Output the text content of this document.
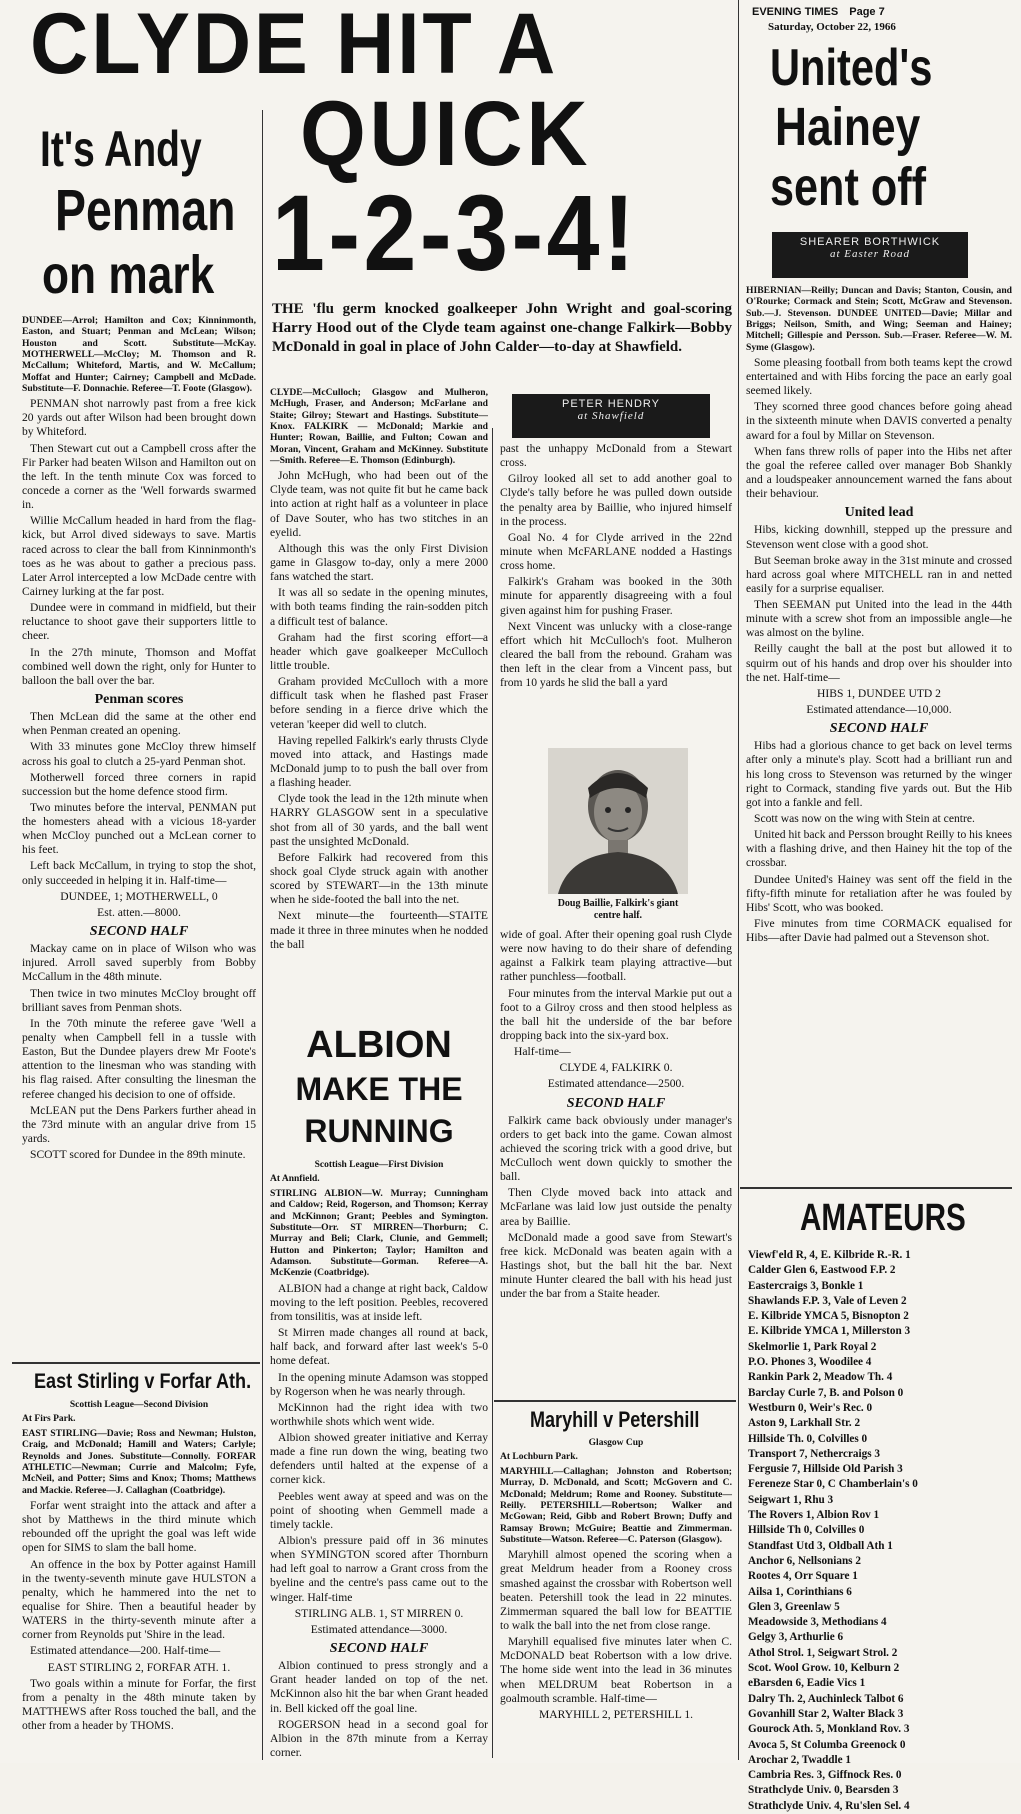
CLYDE HIT A
QUICK
1-2-3-4!
EVENING TIMES Page 7
Saturday, October 22, 1966
United's
Hainey
sent off
SHEARER BORTHWICK
at Easter Road
It's Andy
Penman
on mark
DUNDEE—Arrol; Hamilton and Cox; Kinninmonth, Easton, and Stuart; Penman and McLean; Wilson; Houston and Scott. Substitute—McKay. MOTHERWELL—McCloy; M. Thomson and R. McCallum; Whiteford, Martis, and W. McCallum; Moffat and Hunter; Cairney; Campbell and McDade. Substitute—F. Donnachie. Referee—T. Foote (Glasgow).

PENMAN shot narrowly past from a free kick 20 yards out after Wilson had been brought down by Whiteford.

Then Stewart cut out a Campbell cross after the Fir Parker had beaten Wilson and Hamilton out on the left. In the tenth minute Cox was forced to concede a corner as the 'Well forwards swarmed in.

Willie McCallum headed in hard from the flag-kick, but Arrol dived sideways to save. Martis raced across to clear the ball from Kinninmonth's toes as he was about to gather a precious pass. Later Arrol intercepted a low McDade centre with Cairney lurking at the far post.

Dundee were in command in midfield, but their reluctance to shoot gave their supporters little to cheer.

In the 27th minute, Thomson and Moffat combined well down the right, only for Hunter to balloon the ball over the bar.

Penman scores

Then McLean did the same at the other end when Penman created an opening.

With 33 minutes gone McCloy threw himself across his goal to clutch a 25-yard Penman shot.

Motherwell forced three corners in rapid succession but the home defence stood firm.

Two minutes before the interval, PENMAN put the homesters ahead with a vicious 18-yarder when McCloy punched out a McLean corner to his feet.

Left back McCallum, in trying to stop the shot, only succeeded in helping it in. Half-time—

DUNDEE, 1; MOTHERWELL, 0
Est. atten.—8000.
SECOND HALF

Mackay came on in place of Wilson who was injured. Arroll saved superbly from Bobby McCallum in the 48th minute.

Then twice in two minutes McCloy brought off brilliant saves from Penman shots.

In the 70th minute the referee gave 'Well a penalty when Campbell fell in a tussle with Easton, But the Dundee players drew Mr Foote's attention to the linesman who was standing with his flag raised. After consulting the linesman the referee changed his decision to one of offside.

McLEAN put the Dens Parkers further ahead in the 73rd minute with an angular drive from 15 yards.

SCOTT scored for Dundee in the 89th minute.

East Stirling v Forfar Ath.
Scottish League—Second Division
At Firs Park.
EAST STIRLING—Davie; Ross and Newman; Hulston, Craig, and McDonald; Hamill and Waters; Carlyle; Reynolds and Jones. Substitute—Connolly. FORFAR ATHLETIC—Newman; Currie and Malcolm; Fyfe, McNeil, and Potter; Sims and Knox; Thoms; Matthews and Mackie. Referee—J. Callaghan (Coatbridge).

Forfar went straight into the attack and after a shot by Matthews in the third minute which rebounded off the upright the goal was left wide open for SIMS to slam the ball home.

An offence in the box by Potter against Hamill in the twenty-seventh minute gave HULSTON a penalty, which he hammered into the net to equalise for Shire. Then a beautiful header by WATERS in the thirty-seventh minute after a corner from Reynolds put 'Shire in the lead.

Estimated attendance—200. Half-time—

EAST STIRLING 2, FORFAR ATH. 1.

Two goals within a minute for Forfar, the first from a penalty in the 48th minute taken by MATTHEWS after Ross touched the ball, and the other from a header by THOMS.

THE 'flu germ knocked goalkeeper John Wright and goal-scoring Harry Hood out of the Clyde team against one-change Falkirk—Bobby McDonald in goal in place of John Calder—to-day at Shawfield.
PETER HENDRY
at Shawfield
CLYDE—McCulloch; Glasgow and Mulheron, McHugh, Fraser, and Anderson; McFarlane and Staite; Gilroy; Stewart and Hastings. Substitute—Knox. FALKIRK — McDonald; Markie and Hunter; Rowan, Baillie, and Fulton; Cowan and Moran, Vincent, Graham and McKinney. Substitute—Smith. Referee—E. Thomson (Edinburgh).

John McHugh, who had been out of the Clyde team, was not quite fit but he came back into action at right half as a volunteer in place of Dave Souter, who has two stitches in an eyelid.

Although this was the only First Division game in Glasgow to-day, only a mere 2000 fans watched the start.

It was all so sedate in the opening minutes, with both teams finding the rain-sodden pitch a difficult test of balance.

Graham had the first scoring effort—a header which gave goalkeeper McCulloch little trouble.

Graham provided McCulloch with a more difficult task when he flashed past Fraser before sending in a fierce drive which the veteran 'keeper did well to clutch.

Having repelled Falkirk's early thrusts Clyde moved into attack, and Hastings made McDonald jump to to push the ball over from a flashing header.

Clyde took the lead in the 12th minute when HARRY GLASGOW sent in a speculative shot from all of 30 yards, and the ball went past the unsighted McDonald.

Before Falkirk had recovered from this shock goal Clyde struck again with another scored by STEWART—in the 13th minute when he side-footed the ball into the net.

Next minute—the fourteenth—STAITE made it three in three minutes when he nodded the ball

past the unhappy McDonald from a Stewart cross.

Gilroy looked all set to add another goal to Clyde's tally before he was pulled down outside the penalty area by Baillie, who injured himself in the process.

Goal No. 4 for Clyde arrived in the 22nd minute when McFARLANE nodded a Hastings cross home.

Falkirk's Graham was booked in the 30th minute for apparently disagreeing with a foul given against him for pushing Fraser.

Next Vincent was unlucky with a close-range effort which hit McCulloch's foot. Mulheron cleared the ball from the rebound. Graham was then left in the clear from a Vincent pass, but from 10 yards he slid the ball a yard

Doug Baillie, Falkirk's giant centre half.

wide of goal. After their opening goal rush Clyde were now having to do their share of defending against a Falkirk team playing attractive—but rather punchless—football.

Four minutes from the interval Markie put out a foot to a Gilroy cross and then stood helpless as the ball hit the underside of the bar before dropping back into the six-yard box.

Half-time—
CLYDE 4, FALKIRK 0.
Estimated attendance—2500.
SECOND HALF

Falkirk came back obviously under manager's orders to get back into the game. Cowan almost achieved the scoring trick with a good drive, but McCulloch went down quickly to smother the ball.

Then Clyde moved back into attack and McFarlane was laid low just outside the penalty area by Baillie.

McDonald made a good save from Stewart's free kick. McDonald was beaten again with a Hastings shot, but the ball hit the bar. Next minute Hunter cleared the ball with his head just under the bar from a Staite header.

ALBION
MAKE THE
RUNNING
Scottish League—First Division
At Annfield.
STIRLING ALBION—W. Murray; Cunningham and Caldow; Reid, Rogerson, and Thomson; Kerray and McKinnon; Grant; Peebles and Symington. Substitute—Orr. ST MIRREN—Thorburn; C. Murray and Beli; Clark, Clunie, and Gemmell; Hutton and Pinkerton; Taylor; Hamilton and Adamson. Substitute—Gorman. Referee—A. McKenzie (Coatbridge).

ALBION had a change at right back, Caldow moving to the left position. Peebles, recovered from tonsilitis, was at inside left.

St Mirren made changes all round at back, half back, and forward after last week's 5-0 home defeat.

In the opening minute Adamson was stopped by Rogerson when he was nearly through.

McKinnon had the right idea with two worthwhile shots which went wide.

Albion showed greater initiative and Kerray made a fine run down the wing, beating two defenders until halted at the expense of a corner kick.

Peebles went away at speed and was on the point of shooting when Gemmell made a timely tackle.

Albion's pressure paid off in 36 minutes when SYMINGTON scored after Thornburn had left goal to narrow a Grant cross from the byeline and the centre's pass came out to the winger. Half-time

STIRLING ALB. 1, ST MIRREN 0.
Estimated attendance—3000.
SECOND HALF

Albion continued to press strongly and a Grant header landed on top of the net. McKinnon also hit the bar when Grant headed in. Bell kicked off the goal line.

ROGERSON head in a second goal for Albion in the 87th minute from a Kerray corner.

Maryhill v Petershill
Glasgow Cup
At Lochburn Park.
MARYHILL—Callaghan; Johnston and Robertson; Murray, D. McDonald, and Scott; McGovern and C. McDonald; Meldrum; Rome and Rooney. Substitute—Reilly. PETERSHILL—Robertson; Walker and McGowan; Reid, Gibb and Robert Brown; Duffy and Ramsay Brown; McGuire; Beattie and Zimmerman. Substitute—Watson. Referee—C. Paterson (Glasgow).

Maryhill almost opened the scoring when a great Meldrum header from a Rooney cross smashed against the crossbar with Robertson well beaten. Petershill took the lead in 22 minutes. Zimmerman squared the ball low for BEATTIE to walk the ball into the net from close range.

Maryhill equalised five minutes later when C. McDONALD beat Robertson with a low drive. The home side went into the lead in 36 minutes when MELDRUM beat Robertson in a goalmouth scramble. Half-time—

MARYHILL 2, PETERSHILL 1.
HIBERNIAN—Reilly; Duncan and Davis; Stanton, Cousin, and O'Rourke; Cormack and Stein; Scott, McGraw and Stevenson. Sub.—J. Stevenson. DUNDEE UNITED—Davie; Millar and Briggs; Neilson, Smith, and Wing; Seeman and Hainey; Mitchell; Gillespie and Persson. Sub.—Fraser. Referee—W. M. Syme (Glasgow).

Some pleasing football from both teams kept the crowd entertained and with Hibs forcing the pace an early goal seemed likely.

They scorned three good chances before going ahead in the sixteenth minute when DAVIS converted a penalty award for a foul by Millar on Stevenson.

When fans threw rolls of paper into the Hibs net after the goal the referee called over manager Bob Shankly and a loudspeaker announcement warned the fans about their behaviour.

United lead

Hibs, kicking downhill, stepped up the pressure and Stevenson went close with a good shot.

But Seeman broke away in the 31st minute and crossed hard across goal where MITCHELL ran in and netted easily for a surprise equaliser.

Then SEEMAN put United into the lead in the 44th minute with a screw shot from an impossible angle—he was almost on the byline.

Reilly caught the ball at the post but allowed it to squirm out of his hands and drop over his shoulder into the net. Half-time—

HIBS 1, DUNDEE UTD 2
Estimated attendance—10,000.
SECOND HALF

Hibs had a glorious chance to get back on level terms after only a minute's play. Scott had a brilliant run and his long cross to Stevenson was returned by the winger right to Cormack, standing five yards out. But the Hib got into a fankle and fell.

Scott was now on the wing with Stein at centre.

United hit back and Persson brought Reilly to his knees with a flashing drive, and then Hainey hit the top of the crossbar.

Dundee United's Hainey was sent off the field in the fifty-fifth minute for retaliation after he was fouled by Hibs' Scott, who was booked.

Five minutes from time CORMACK equalised for Hibs—after Davie had palmed out a Stevenson shot.

AMATEURS
Viewf'eld R, 4, E. Kilbride R.-R. 1
Calder Glen 6, Eastwood F.P. 2
Eastercraigs 3, Bonkle 1
Shawlands F.P. 3, Vale of Leven 2
E. Kilbride YMCA 5, Bisnopton 2
E. Kilbride YMCA 1, Millerston 3
Skelmorlie 1, Park Royal 2
P.O. Phones 3, Woodilee 4
Rankin Park 2, Meadow Th. 4
Barclay Curle 7, B. and Polson 0
Westburn 0, Weir's Rec. 0
Aston 9, Larkhall Str. 2
Hillside Th. 0, Colvilles 0
Transport 7, Nethercraigs 3
Fergusie 7, Hillside Old Parish 3
Fereneze Star 0, C Chamberlain's 0
Seigwart 1, Rhu 3
The Rovers 1, Albion Rov 1
Hillside Th 0, Colvilles 0
Standfast Utd 3, Oldball Ath 1
Anchor 6, Nellsonians 2
Rootes 4, Orr Square 1
Ailsa 1, Corinthians 6
Glen 3, Greenlaw 5
Meadowside 3, Methodians 4
Gelgy 3, Arthurlie 6
Athol Strol. 1, Seigwart Strol. 2
Scot. Wool Grow. 10, Kelburn 2
eBarsden 6, Eadie Vics 1
Dalry Th. 2, Auchinleck Talbot 6
Govanhill Star 2, Walter Black 3
Gourock Ath. 5, Monkland Rov. 3
Avoca 5, St Columba Greenock 0
Arochar 2, Twaddle 1
Cambria Res. 3, Giffnock Res. 0
Strathclyde Univ. 0, Bearsden 3
Strathclyde Univ. 4, Ru'slen Sel. 4
